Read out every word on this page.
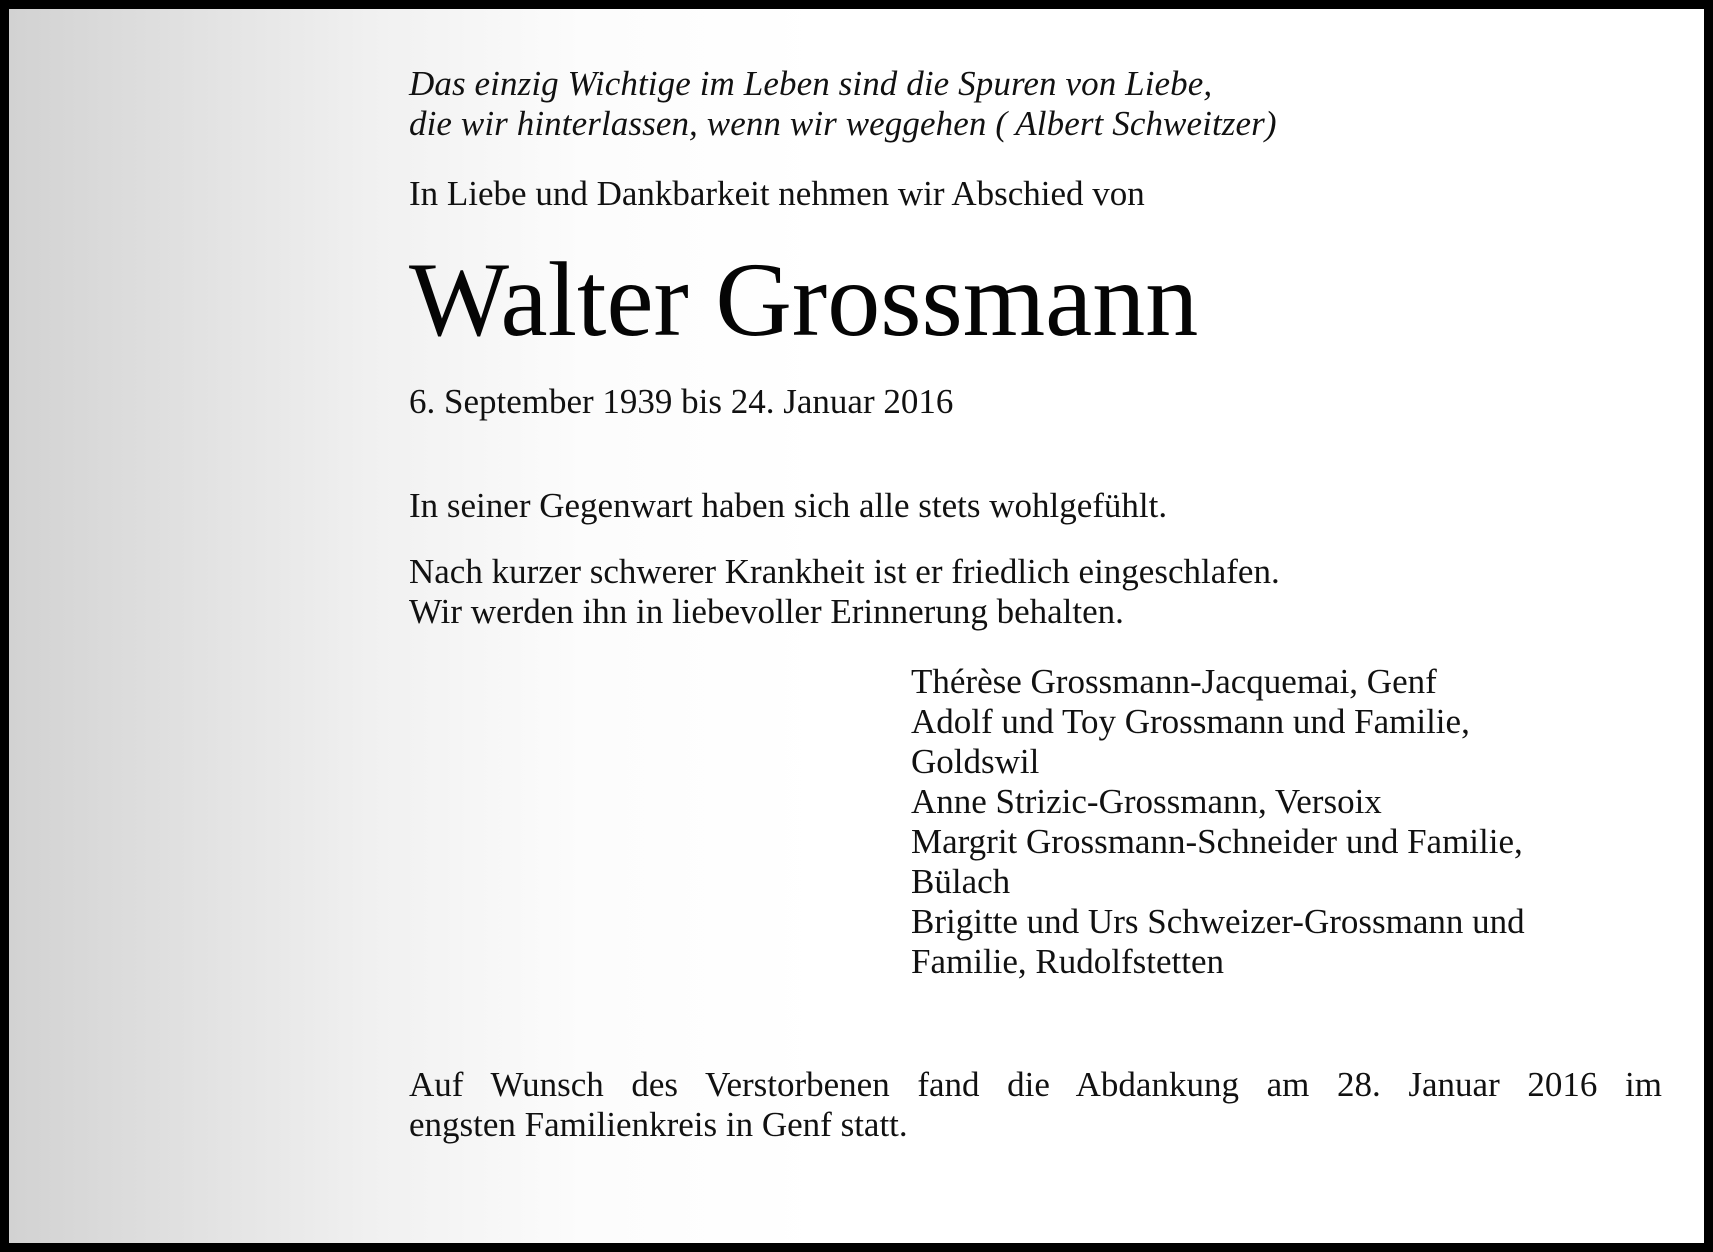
Das einzig Wichtige im Leben sind die Spuren von Liebe,
die wir hinterlassen, wenn wir weggehen ( Albert Schweitzer)
In Liebe und Dankbarkeit nehmen wir Abschied von
Walter Grossmann
6. September 1939 bis 24. Januar 2016
In seiner Gegenwart haben sich alle stets wohlgefühlt.
Nach kurzer schwerer Krankheit ist er friedlich eingeschlafen.
Wir werden ihn in liebevoller Erinnerung behalten.
Thérèse Grossmann-Jacquemai, Genf
Adolf und Toy Grossmann und Familie,
Goldswil
Anne Strizic-Grossmann, Versoix
Margrit Grossmann-Schneider und Familie,
Bülach
Brigitte und Urs Schweizer-Grossmann und
Familie, Rudolfstetten
Auf Wunsch des Verstorbenen fand die Abdankung am 28. Januar 2016 im
engsten Familienkreis in Genf statt.
